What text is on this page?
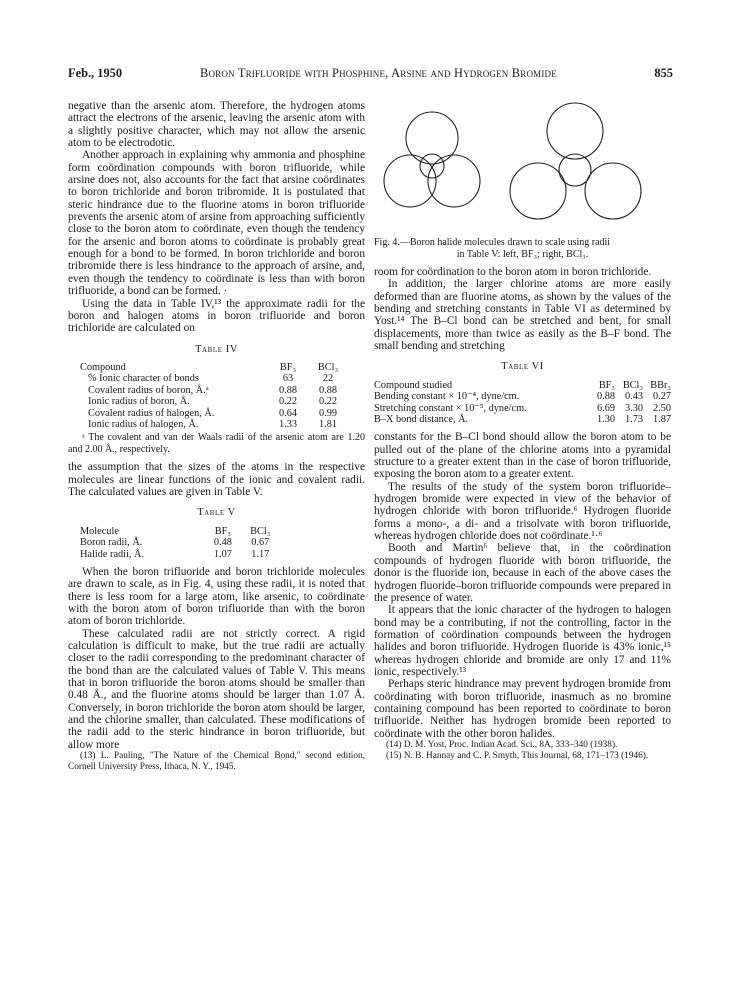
Feb., 1950	Boron Trifluoride with Phosphine, Arsine and Hydrogen Bromide	855

negative than the arsenic atom. Therefore, the hydrogen atoms attract the electrons of the arsenic, leaving the arsenic atom with a slightly positive character, which may not allow the arsenic atom to be electrodotic.

Another approach in explaining why ammonia and phosphine form coördination compounds with boron trifluoride, while arsine does not, also accounts for the fact that arsine coördinates to boron trichloride and boron tribromide. It is postulated that steric hindrance due to the fluorine atoms in boron trifluoride prevents the arsenic atom of arsine from approaching sufficiently close to the boron atom to coördinate, even though the tendency for the arsenic and boron atoms to coördinate is probably great enough for a bond to be formed. In boron trichloride and boron tribromide there is less hindrance to the approach of arsine, and, even though the tendency to coördinate is less than with boron trifluoride, a bond can be formed. ·

Using the data in Table IV,¹³ the approximate radii for the boron and halogen atoms in boron trifluoride and boron trichloride are calculated on

Table IV
Compound	BF₃	BCl₃
% Ionic character of bonds	63	22
Covalent radius of boron, Å.ᵃ	0.88	0.88
Ionic radius of boron, Å.	0.22	0.22
Covalent radius of halogen, Å.	0.64	0.99
Ionic radius of halogen, Å.	1.33	1.81

ᵃ The covalent and van der Waals radii of the arsenic atom are 1.20 and 2.00 Å., respectively.

the assumption that the sizes of the atoms in the respective molecules are linear functions of the ionic and covalent radii. The calculated values are given in Table V.

Table V
Molecule	BF₃	BCl₃
Boron radii, Å.	0.48	0.67
Halide radii, Å.	1.07	1.17

When the boron trifluoride and boron trichloride molecules are drawn to scale, as in Fig. 4, using these radii, it is noted that there is less room for a large atom, like arsenic, to coördinate with the boron atom of boron trifluoride than with the boron atom of boron trichloride.

These calculated radii are not strictly correct. A rigid calculation is difficult to make, but the true radii are actually closer to the radii corresponding to the predominant character of the bond than are the calculated values of Table V. This means that in boron trifluoride the boron atoms should be smaller than 0.48 Å., and the fluorine atoms should be larger than 1.07 Å. Conversely, in boron trichloride the boron atom should be larger, and the chlorine smaller, than calculated. These modifications of the radii add to the steric hindrance in boron trifluoride, but allow more

(13) L. Pauling, "The Nature of the Chemical Bond," second edition, Cornell University Press, Ithaca, N. Y., 1945.

Fig. 4.—Boron halide molecules drawn to scale using radii
in Table V: left, BF₃; right, BCl₃.

room for coördination to the boron atom in boron trichloride.

In addition, the larger chlorine atoms are more easily deformed than are fluorine atoms, as shown by the values of the bending and stretching constants in Table VI as determined by Yost.¹⁴ The B–Cl bond can be stretched and bent, for small displacements, more than twice as easily as the B–F bond. The small bending and stretching

Table VI
Compound studied	BF₃	BCl₃	BBr₃
Bending constant × 10⁻⁴, dyne/cm.	0.88	0.43	0.27
Stretching constant × 10⁻⁵, dyne/cm.	6.69	3.30	2.50
B–X bond distance, Å.	1.30	1.73	1.87

constants for the B–Cl bond should allow the boron atom to be pulled out of the plane of the chlorine atoms into a pyramidal structure to a greater extent than in the case of boron trifluoride, exposing the boron atom to a greater extent.

The results of the study of the system boron trifluoride–hydrogen bromide were expected in view of the behavior of hydrogen chloride with boron trifluoride.⁶ Hydrogen fluoride forms a mono-, a di- and a trisolvate with boron trifluoride, whereas hydrogen chloride does not coördinate.¹·⁶

Booth and Martin⁶ believe that, in the coördination compounds of hydrogen fluoride with boron trifluoride, the donor is the fluoride ion, because in each of the above cases the hydrogen fluoride–boron trifluoride compounds were prepared in the presence of water.

It appears that the ionic character of the hydrogen to halogen bond may be a contributing, if not the controlling, factor in the formation of coördination compounds between the hydrogen halides and boron trifluoride. Hydrogen fluoride is 43% ionic,¹⁵ whereas hydrogen chloride and bromide are only 17 and 11% ionic, respectively.¹³

Perhaps steric hindrance may prevent hydrogen bromide from coördinating with boron trifluoride, inasmuch as no bromine containing compound has been reported to coördinate to boron trifluoride. Neither has hydrogen bromide been reported to coördinate with the other boron halides.

(14) D. M. Yost, Proc. Indian Acad. Sci., 8A, 333–340 (1938).

(15) N. B. Hannay and C. P. Smyth, This Journal, 68, 171–173 (1946).
